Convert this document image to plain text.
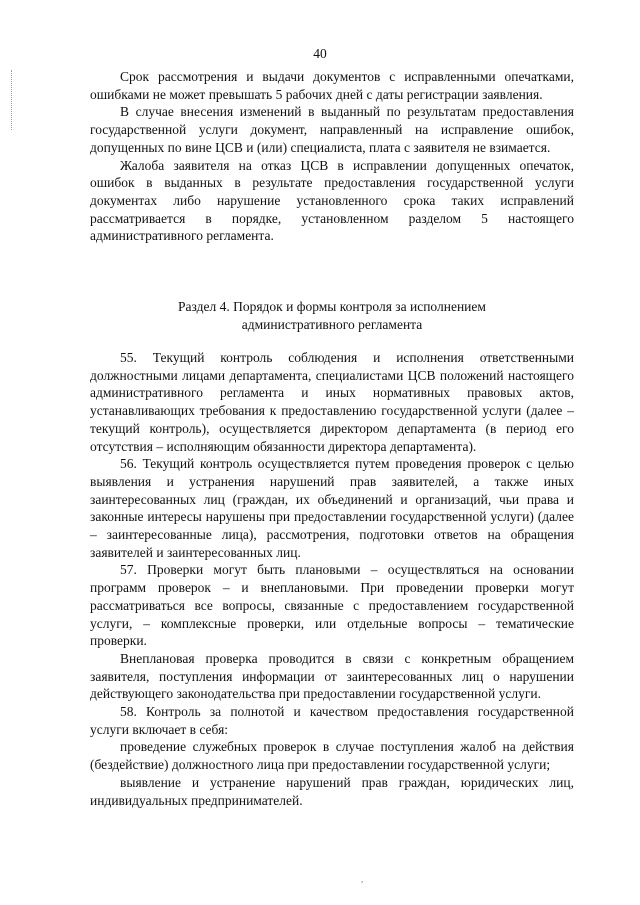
40

Срок рассмотрения и выдачи документов с исправленными опечатками, ошибками не может превышать 5 рабочих дней с даты регистрации заявления.

В случае внесения изменений в выданный по результатам предоставления государственной услуги документ, направленный на исправление ошибок, допущенных по вине ЦСВ и (или) специалиста, плата с заявителя не взимается.

Жалоба заявителя на отказ ЦСВ в исправлении допущенных опечаток, ошибок в выданных в результате предоставления государственной услуги документах либо нарушение установленного срока таких исправлений рассматривается в порядке, установленном разделом 5 настоящего административного регламента.

Раздел 4. Порядок и формы контроля за исполнением
административного регламента

55. Текущий контроль соблюдения и исполнения ответственными должностными лицами департамента, специалистами ЦСВ положений настоящего административного регламента и иных нормативных правовых актов, устанавливающих требования к предоставлению государственной услуги (далее – текущий контроль), осуществляется директором департамента (в период его отсутствия – исполняющим обязанности директора департамента).

56. Текущий контроль осуществляется путем проведения проверок с целью выявления и устранения нарушений прав заявителей, а также иных заинтересованных лиц (граждан, их объединений и организаций, чьи права и законные интересы нарушены при предоставлении государственной услуги) (далее – заинтересованные лица), рассмотрения, подготовки ответов на обращения заявителей и заинтересованных лиц.

57. Проверки могут быть плановыми – осуществляться на основании программ проверок – и внеплановыми. При проведении проверки могут рассматриваться все вопросы, связанные с предоставлением государственной услуги, – комплексные проверки, или отдельные вопросы – тематические проверки.

Внеплановая проверка проводится в связи с конкретным обращением заявителя, поступления информации от заинтересованных лиц о нарушении действующего законодательства при предоставлении государственной услуги.

58. Контроль за полнотой и качеством предоставления государственной услуги включает в себя:

проведение служебных проверок в случае поступления жалоб на действия (бездействие) должностного лица при предоставлении государственной услуги;

выявление и устранение нарушений прав граждан, юридических лиц, индивидуальных предпринимателей.

,
